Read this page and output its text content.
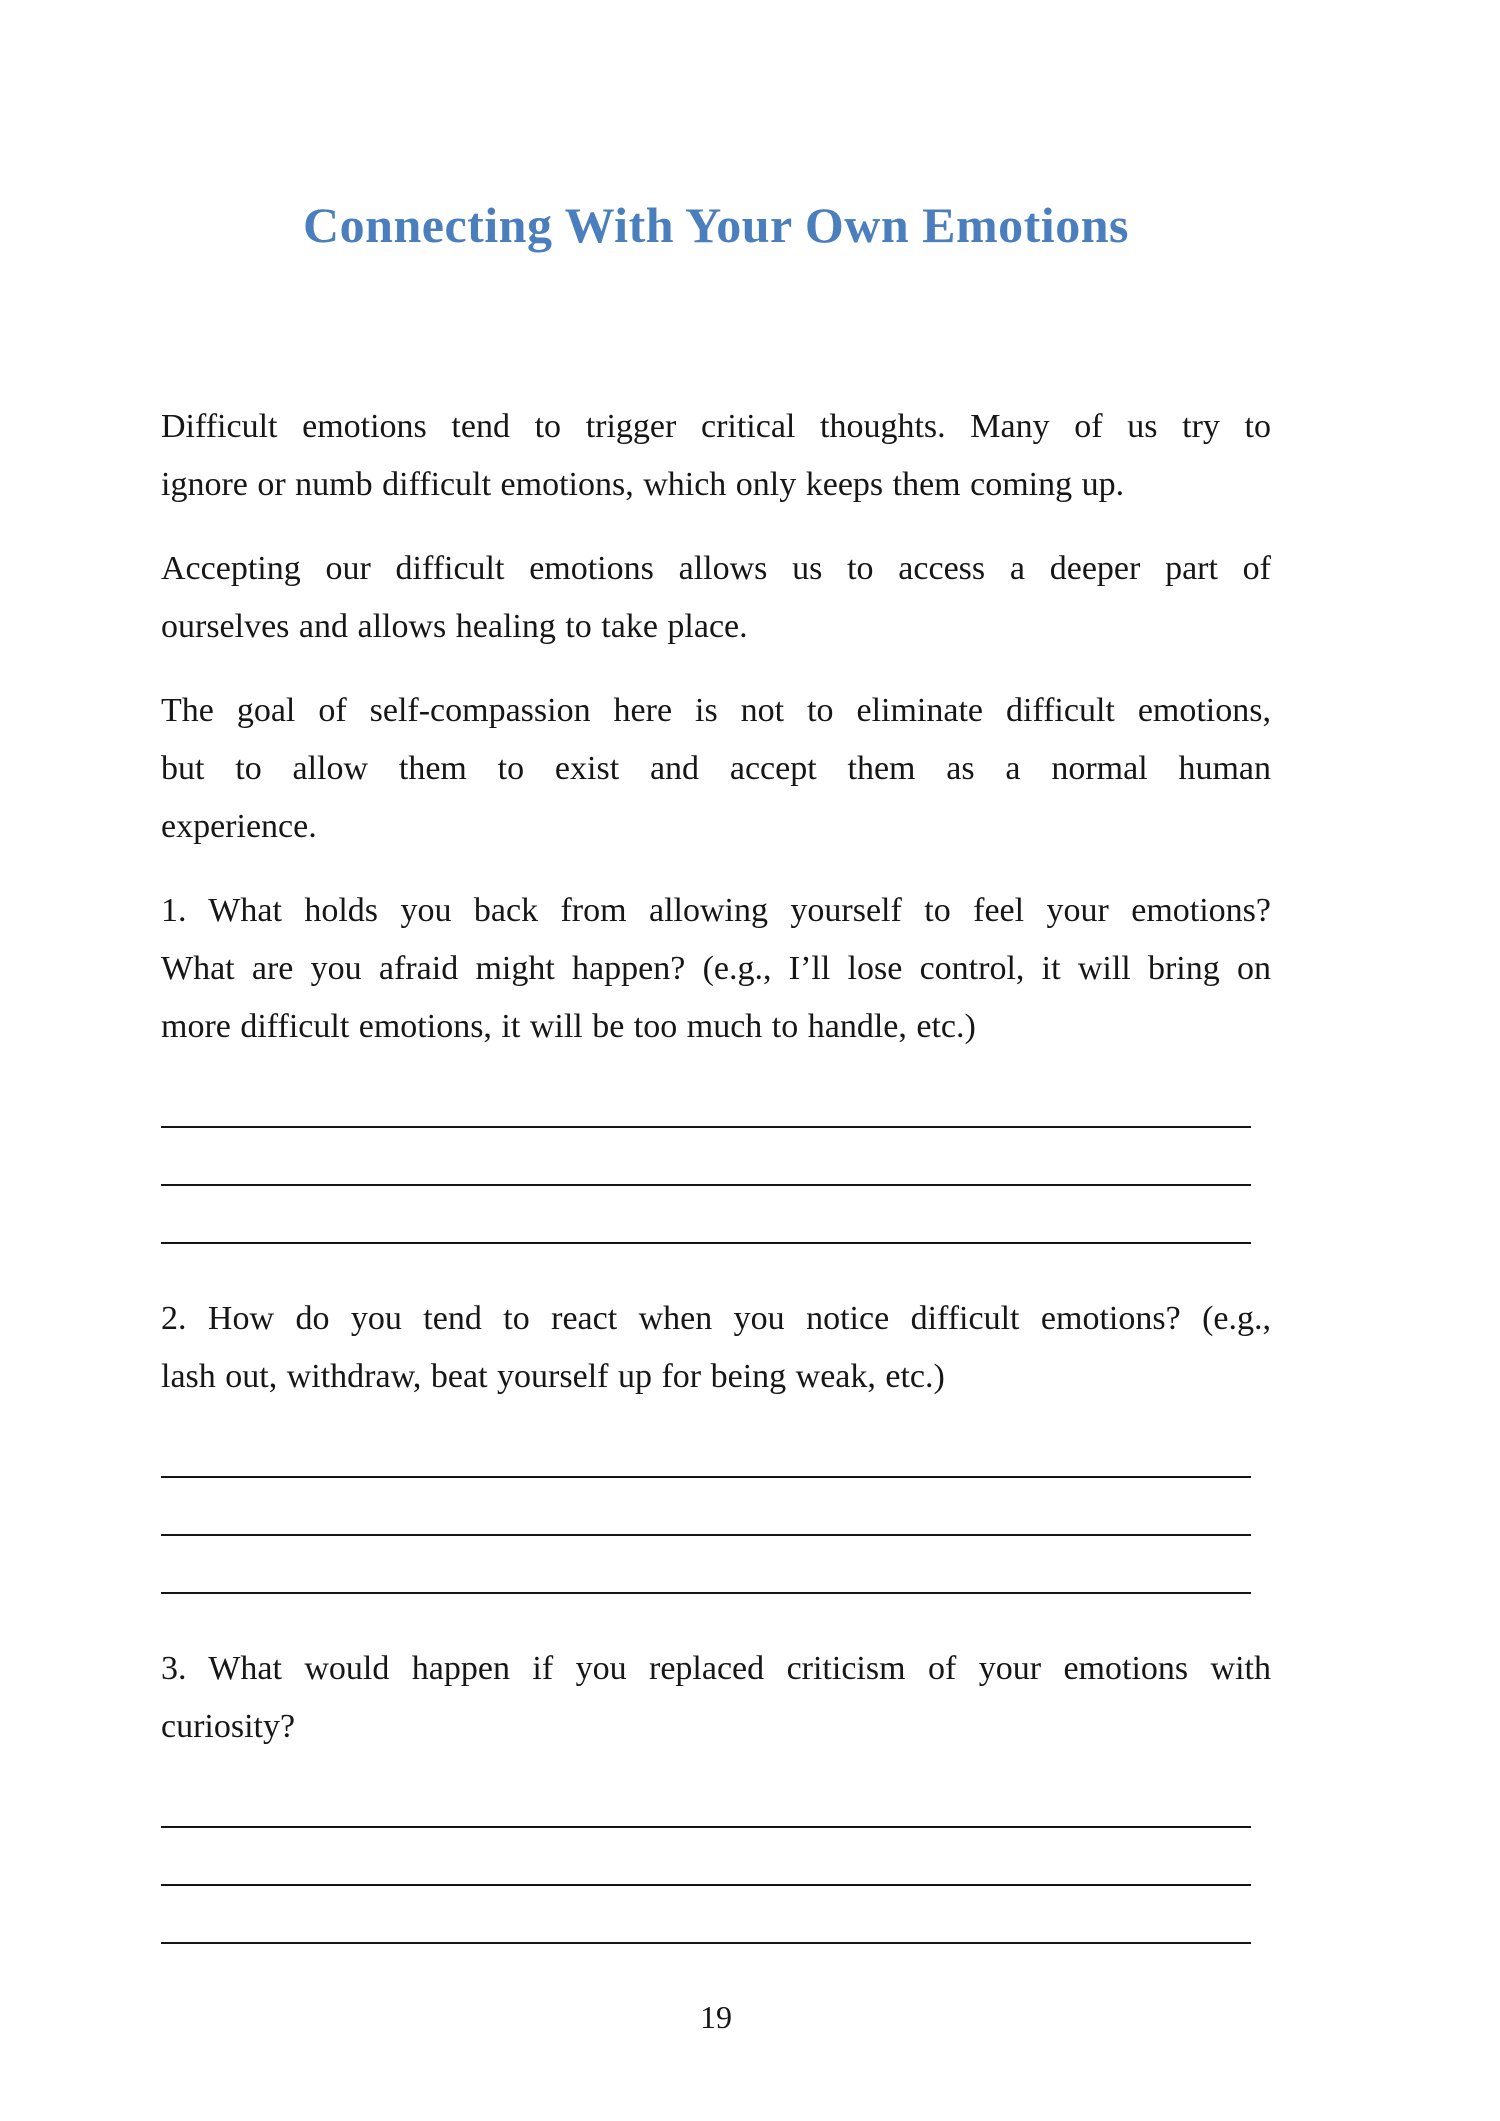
Connecting With Your Own Emotions
Difficult emotions tend to trigger critical thoughts. Many of us try to
ignore or numb difficult emotions, which only keeps them coming up.
Accepting our difficult emotions allows us to access a deeper part of
ourselves and allows healing to take place.
The goal of self-compassion here is not to eliminate difficult emotions,
but to allow them to exist and accept them as a normal human
experience.
1. What holds you back from allowing yourself to feel your emotions?
What are you afraid might happen? (e.g., I’ll lose control, it will bring on
more difficult emotions, it will be too much to handle, etc.)
2. How do you tend to react when you notice difficult emotions? (e.g.,
lash out, withdraw, beat yourself up for being weak, etc.)
3. What would happen if you replaced criticism of your emotions with
curiosity?
19
